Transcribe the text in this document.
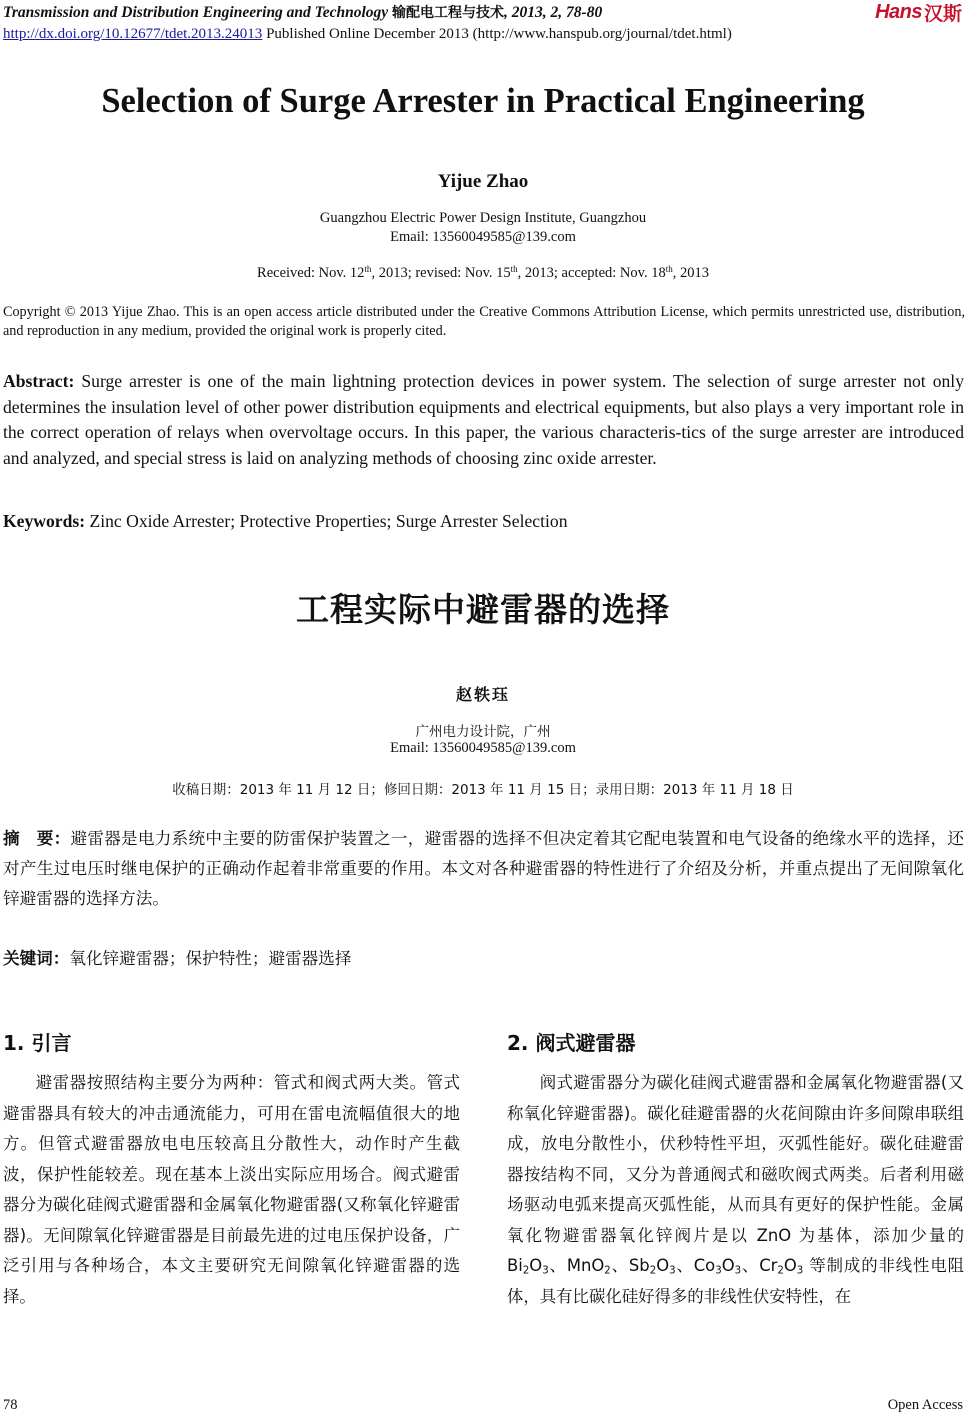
Transmission and Distribution Engineering and Technology 输配电工程与技术, 2013, 2, 78-80
http://dx.doi.org/10.12677/tdet.2013.24013 Published Online December 2013 (http://www.hanspub.org/journal/tdet.html)
Hans 汉斯
Selection of Surge Arrester in Practical Engineering
Yijue Zhao
Guangzhou Electric Power Design Institute, Guangzhou
Email: 13560049585@139.com
Received: Nov. 12th, 2013; revised: Nov. 15th, 2013; accepted: Nov. 18th, 2013
Copyright © 2013 Yijue Zhao. This is an open access article distributed under the Creative Commons Attribution License, which permits unrestricted use, distribution, and reproduction in any medium, provided the original work is properly cited.
Abstract: Surge arrester is one of the main lightning protection devices in power system. The selection of surge arrester not only determines the insulation level of other power distribution equipments and electrical equipments, but also plays a very important role in the correct operation of relays when overvoltage occurs. In this paper, the various characteris-tics of the surge arrester are introduced and analyzed, and special stress is laid on analyzing methods of choosing zinc oxide arrester.
Keywords: Zinc Oxide Arrester; Protective Properties; Surge Arrester Selection
工程实际中避雷器的选择
赵轶珏
广州电力设计院，广州
Email: 13560049585@139.com
收稿日期：2013 年 11 月 12 日；修回日期：2013 年 11 月 15 日；录用日期：2013 年 11 月 18 日
摘　要：避雷器是电力系统中主要的防雷保护装置之一，避雷器的选择不但决定着其它配电装置和电气设备的绝缘水平的选择，还对产生过电压时继电保护的正确动作起着非常重要的作用。本文对各种避雷器的特性进行了介绍及分析，并重点提出了无间隙氧化锌避雷器的选择方法。
关键词：氧化锌避雷器；保护特性；避雷器选择
1. 引言
避雷器按照结构主要分为两种：管式和阀式两大类。管式避雷器具有较大的冲击通流能力，可用在雷电流幅值很大的地方。但管式避雷器放电电压较高且分散性大，动作时产生截波，保护性能较差。现在基本上淡出实际应用场合。阀式避雷器分为碳化硅阀式避雷器和金属氧化物避雷器(又称氧化锌避雷器)。无间隙氧化锌避雷器是目前最先进的过电压保护设备，广泛引用与各种场合，本文主要研究无间隙氧化锌避雷器的选择。
2. 阀式避雷器
阀式避雷器分为碳化硅阀式避雷器和金属氧化物避雷器(又称氧化锌避雷器)。碳化硅避雷器的火花间隙由许多间隙串联组成，放电分散性小，伏秒特性平坦，灭弧性能好。碳化硅避雷器按结构不同，又分为普通阀式和磁吹阀式两类。后者利用磁场驱动电弧来提高灭弧性能，从而具有更好的保护性能。金属氧化物避雷器氧化锌阀片是以 ZnO 为基体，添加少量的 $Bi_2O_3$、MnO$_2$、$Sb_2O_3$、$Co_3O_3$、$Cr_2O_3$ 等制成的非线性电阻体，具有比碳化硅好得多的非线性伏安特性，在
78	Open Access
